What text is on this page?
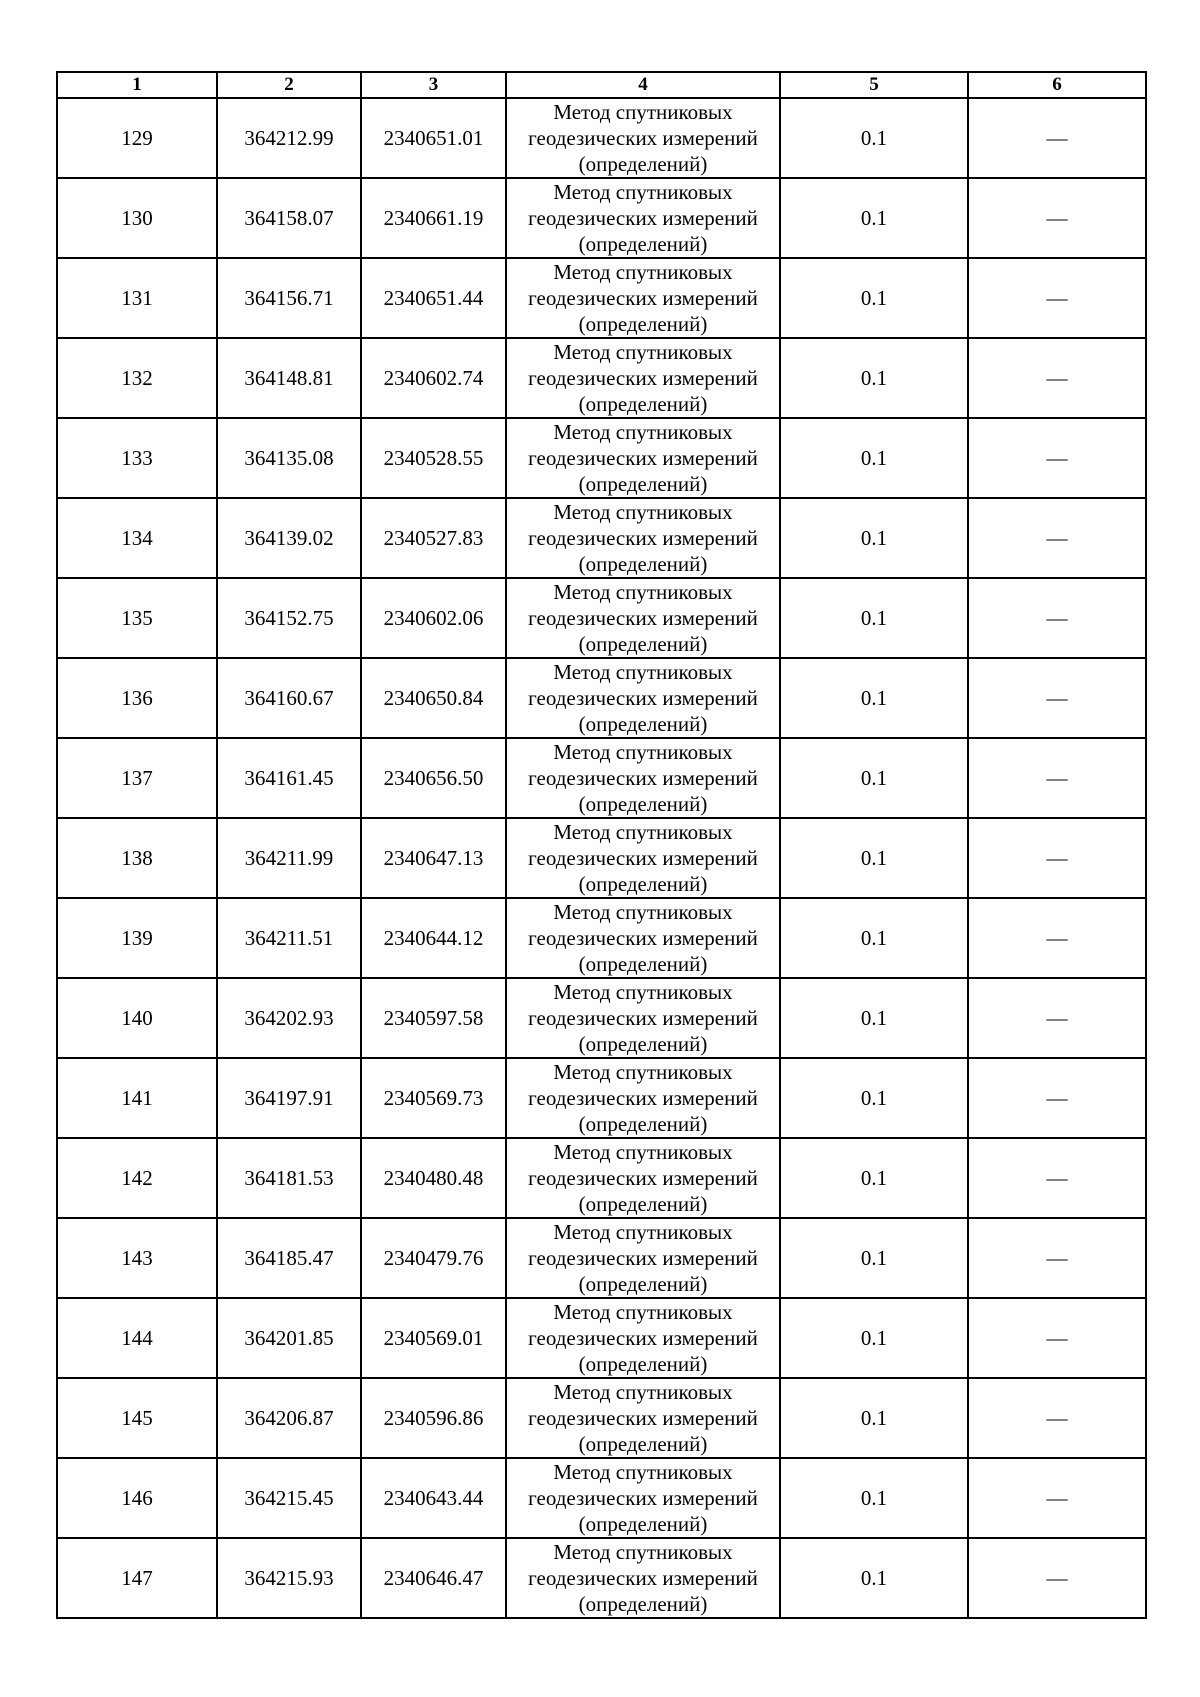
1	2	3	4	5	6
129	364212.99	2340651.01	Метод спутниковых
геодезических измерений
(определений)	0.1	—
130	364158.07	2340661.19	Метод спутниковых
геодезических измерений
(определений)	0.1	—
131	364156.71	2340651.44	Метод спутниковых
геодезических измерений
(определений)	0.1	—
132	364148.81	2340602.74	Метод спутниковых
геодезических измерений
(определений)	0.1	—
133	364135.08	2340528.55	Метод спутниковых
геодезических измерений
(определений)	0.1	—
134	364139.02	2340527.83	Метод спутниковых
геодезических измерений
(определений)	0.1	—
135	364152.75	2340602.06	Метод спутниковых
геодезических измерений
(определений)	0.1	—
136	364160.67	2340650.84	Метод спутниковых
геодезических измерений
(определений)	0.1	—
137	364161.45	2340656.50	Метод спутниковых
геодезических измерений
(определений)	0.1	—
138	364211.99	2340647.13	Метод спутниковых
геодезических измерений
(определений)	0.1	—
139	364211.51	2340644.12	Метод спутниковых
геодезических измерений
(определений)	0.1	—
140	364202.93	2340597.58	Метод спутниковых
геодезических измерений
(определений)	0.1	—
141	364197.91	2340569.73	Метод спутниковых
геодезических измерений
(определений)	0.1	—
142	364181.53	2340480.48	Метод спутниковых
геодезических измерений
(определений)	0.1	—
143	364185.47	2340479.76	Метод спутниковых
геодезических измерений
(определений)	0.1	—
144	364201.85	2340569.01	Метод спутниковых
геодезических измерений
(определений)	0.1	—
145	364206.87	2340596.86	Метод спутниковых
геодезических измерений
(определений)	0.1	—
146	364215.45	2340643.44	Метод спутниковых
геодезических измерений
(определений)	0.1	—
147	364215.93	2340646.47	Метод спутниковых
геодезических измерений
(определений)	0.1	—
